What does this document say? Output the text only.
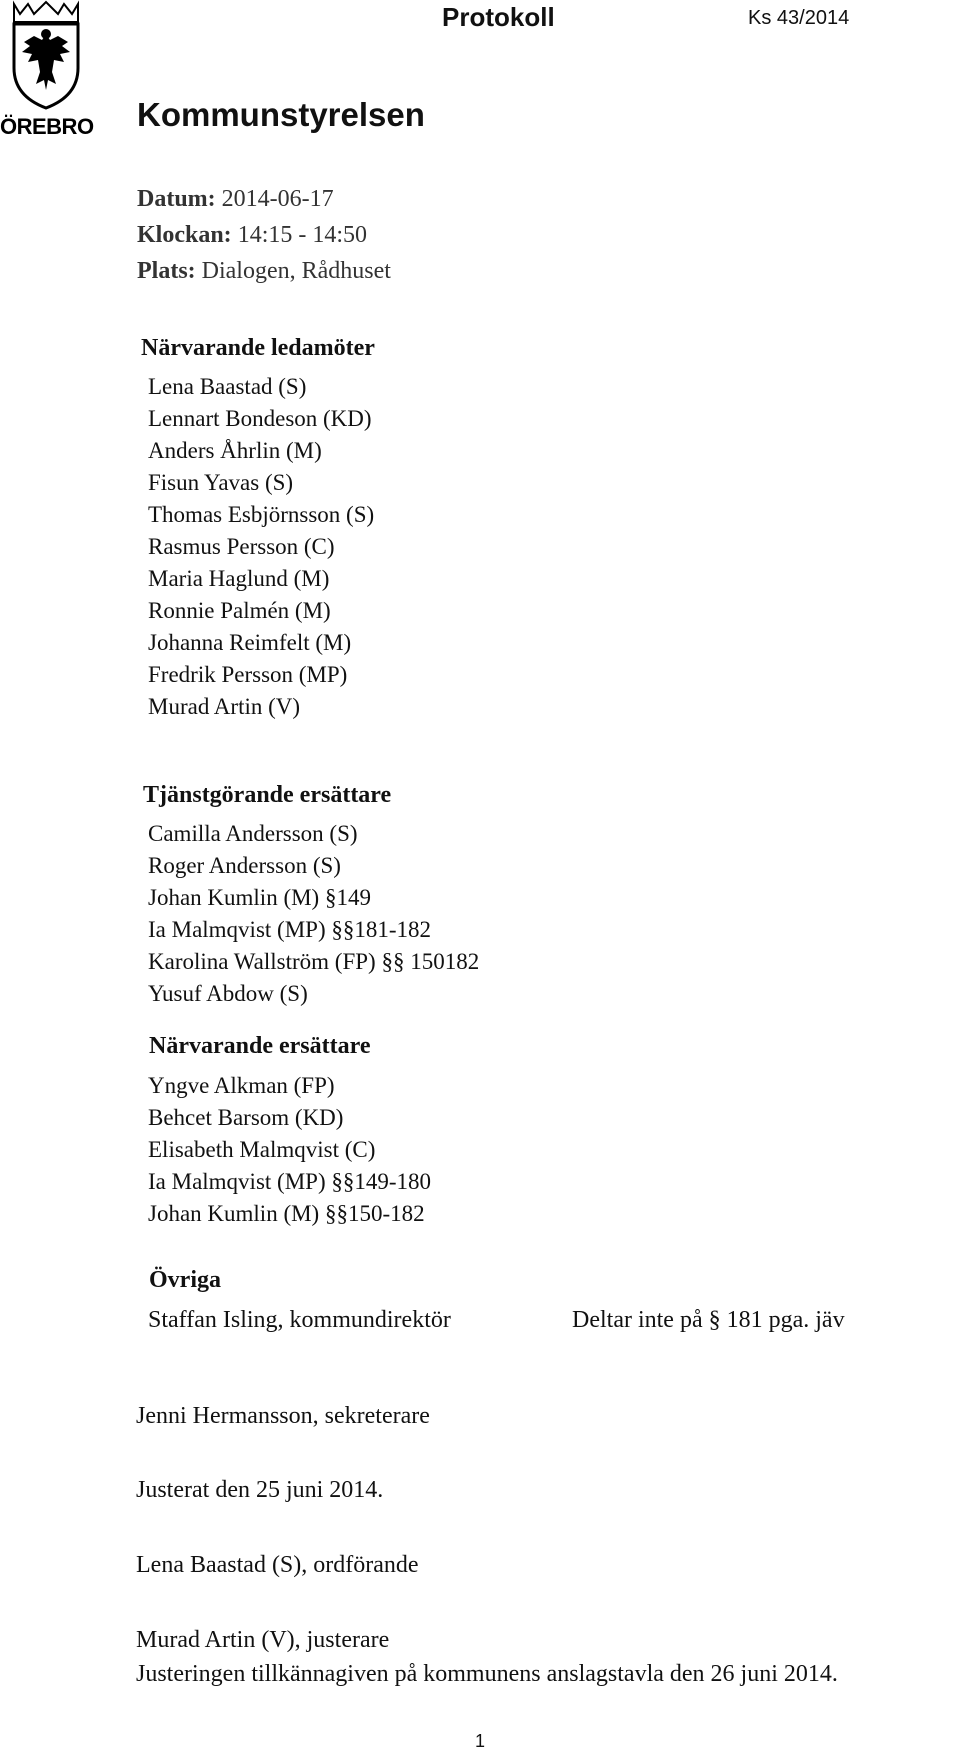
ÖREBRO
Protokoll	Ks 43/2014
Kommunstyrelsen
Datum: 2014-06-17
Klockan: 14:15 - 14:50
Plats: Dialogen, Rådhuset
Närvarande ledamöter
Lena Baastad (S)
Lennart Bondeson (KD)
Anders Åhrlin (M)
Fisun Yavas (S)
Thomas Esbjörnsson (S)
Rasmus Persson (C)
Maria Haglund (M)
Ronnie Palmén (M)
Johanna Reimfelt (M)
Fredrik Persson (MP)
Murad Artin (V)
Tjänstgörande ersättare
Camilla Andersson (S)
Roger Andersson (S)
Johan Kumlin (M) §149
Ia Malmqvist (MP) §§181-182
Karolina Wallström (FP) §§ 150182
Yusuf Abdow (S)
Närvarande ersättare
Yngve Alkman (FP)
Behcet Barsom (KD)
Elisabeth Malmqvist (C)
Ia Malmqvist (MP) §§149-180
Johan Kumlin (M) §§150-182
Övriga
Staffan Isling, kommundirektör	Deltar inte på § 181 pga. jäv
Jenni Hermansson, sekreterare
Justerat den 25 juni 2014.
Lena Baastad (S), ordförande
Murad Artin (V), justerare
Justeringen tillkännagiven på kommunens anslagstavla den 26 juni 2014.
1
